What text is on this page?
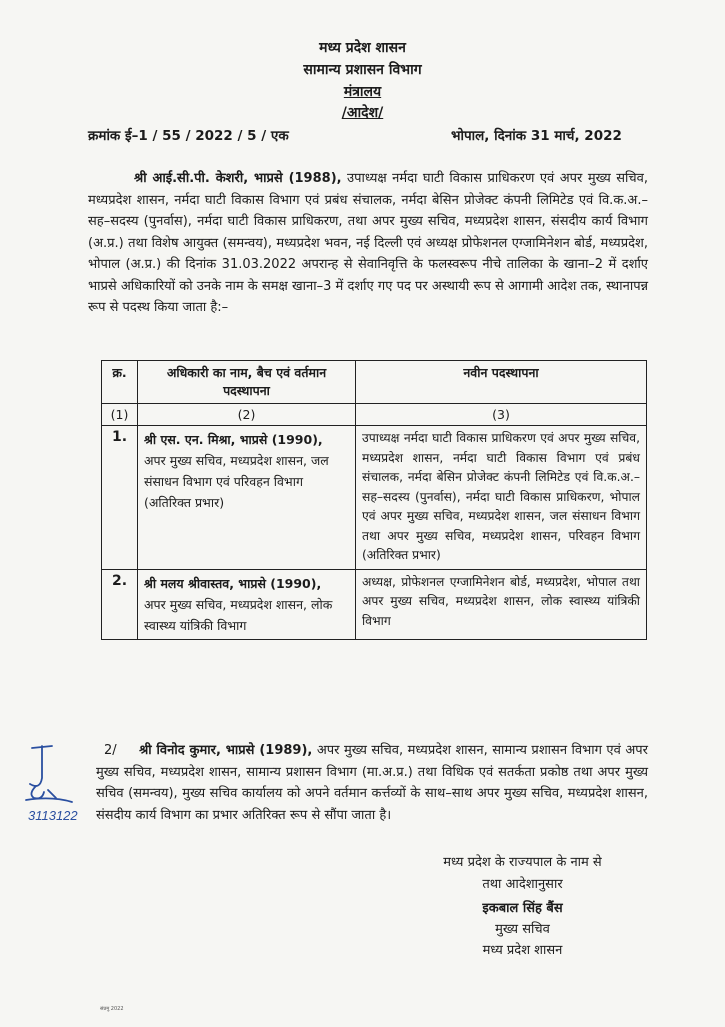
मध्य प्रदेश शासन
सामान्य प्रशासन विभाग
मंत्रालय
/आदेश/
क्रमांक ई–1 / 55 / 2022 / 5 / एक	भोपाल, दिनांक 31 मार्च, 2022
श्री आई.सी.पी. केशरी, भाप्रसे (1988), उपाध्यक्ष नर्मदा घाटी विकास प्राधिकरण एवं अपर मुख्य सचिव, मध्यप्रदेश शासन, नर्मदा घाटी विकास विभाग एवं प्रबंध संचालक, नर्मदा बेसिन प्रोजेक्ट कंपनी लिमिटेड एवं वि.क.अ.–सह–सदस्य (पुनर्वास), नर्मदा घाटी विकास प्राधिकरण, तथा अपर मुख्य सचिव, मध्यप्रदेश शासन, संसदीय कार्य विभाग (अ.प्र.) तथा विशेष आयुक्त (समन्वय), मध्यप्रदेश भवन, नई दिल्ली एवं अध्यक्ष प्रोफेशनल एग्जामिनेशन बोर्ड, मध्यप्रदेश, भोपाल (अ.प्र.) की दिनांक 31.03.2022 अपरान्ह से सेवानिवृत्ति के फलस्वरूप नीचे तालिका के खाना–2 में दर्शाए भाप्रसे अधिकारियों को उनके नाम के समक्ष खाना–3 में दर्शाए गए पद पर अस्थायी रूप से आगामी आदेश तक, स्थानापन्न रूप से पदस्थ किया जाता है:–
क्र.	अधिकारी का नाम, बैच एवं वर्तमान पदस्थापना	नवीन पदस्थापना
(1)	(2)	(3)
1.	श्री एस. एन. मिश्रा, भाप्रसे (1990),
अपर मुख्य सचिव, मध्यप्रदेश शासन, जल संसाधन विभाग एवं परिवहन विभाग (अतिरिक्त प्रभार)	उपाध्यक्ष नर्मदा घाटी विकास प्राधिकरण एवं अपर मुख्य सचिव, मध्यप्रदेश शासन, नर्मदा घाटी विकास विभाग एवं प्रबंध संचालक, नर्मदा बेसिन प्रोजेक्ट कंपनी लिमिटेड एवं वि.क.अ.–सह–सदस्य (पुनर्वास), नर्मदा घाटी विकास प्राधिकरण, भोपाल एवं अपर मुख्य सचिव, मध्यप्रदेश शासन, जल संसाधन विभाग तथा अपर मुख्य सचिव, मध्यप्रदेश शासन, परिवहन विभाग (अतिरिक्त प्रभार)
2.	श्री मलय श्रीवास्तव, भाप्रसे (1990),
अपर मुख्य सचिव, मध्यप्रदेश शासन, लोक स्वास्थ्य यांत्रिकी विभाग	अध्यक्ष, प्रोफेशनल एग्जामिनेशन बोर्ड, मध्यप्रदेश, भोपाल तथा अपर मुख्य सचिव, मध्यप्रदेश शासन, लोक स्वास्थ्य यांत्रिकी विभाग
2/ श्री विनोद कुमार, भाप्रसे (1989), अपर मुख्य सचिव, मध्यप्रदेश शासन, सामान्य प्रशासन विभाग एवं अपर मुख्य सचिव, मध्यप्रदेश शासन, सामान्य प्रशासन विभाग (मा.अ.प्र.) तथा विधिक एवं सतर्कता प्रकोष्ठ तथा अपर मुख्य सचिव (समन्वय), मुख्य सचिव कार्यालय को अपने वर्तमान कर्त्तव्यों के साथ–साथ अपर मुख्य सचिव, मध्यप्रदेश शासन, संसदीय कार्य विभाग का प्रभार अतिरिक्त रूप से सौंपा जाता है।
मध्य प्रदेश के राज्यपाल के नाम से
तथा आदेशानुसार
इकबाल सिंह बैंस
मुख्य सचिव
मध्य प्रदेश शासन
3113122
संप्रमु 2022
